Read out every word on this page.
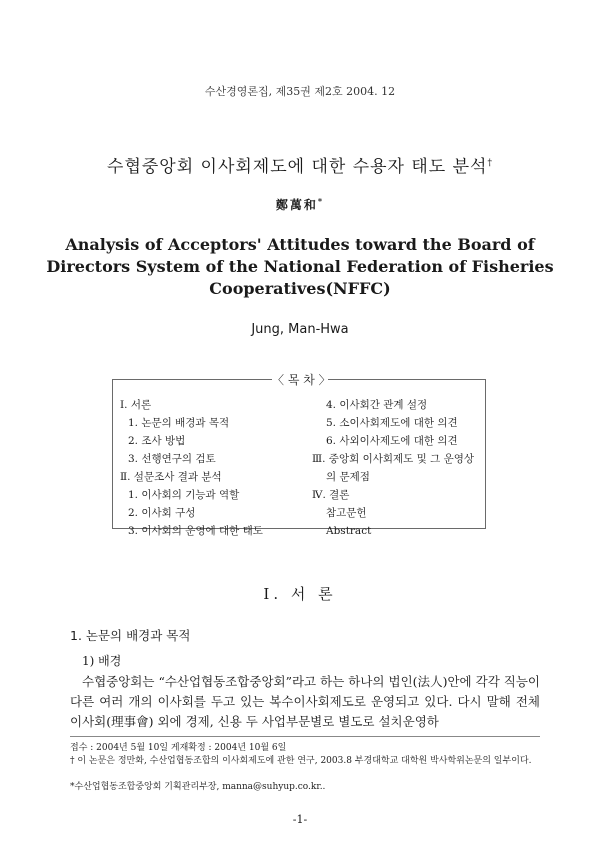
수산경영론집, 제35권 제2호 2004. 12
수협중앙회 이사회제도에 대한 수용자 태도 분석†
鄭萬和*
Analysis of Acceptors' Attitudes toward the Board of Directors System of the National Federation of Fisheries Cooperatives(NFFC)
Jung, Man-Hwa
〈 목 차 〉
Ⅰ. 서론
1. 논문의 배경과 목적
2. 조사 방법
3. 선행연구의 검토
Ⅱ. 설문조사 결과 분석
1. 이사회의 기능과 역할
2. 이사회 구성
3. 이사회의 운영에 대한 태도
4. 이사회간 관계 설정
5. 소이사회제도에 대한 의견
6. 사외이사제도에 대한 의견
Ⅲ. 중앙회 이사회제도 및 그 운영상
의 문제점
Ⅳ. 결론
참고문헌
Abstract
Ⅰ. 서 론
1. 논문의 배경과 목적
1) 배경

수협중앙회는 “수산업협동조합중앙회”라고 하는 하나의 법인(法人)안에 각각 직능이 다른 여러 개의 이사회를 두고 있는 복수이사회제도로 운영되고 있다. 다시 말해 전체이사회(理事會) 외에 경제, 신용 두 사업부문별로 별도로 설치운영하

접수 : 2004년 5월 10일 게재확정 : 2004년 10월 6일
† 이 논문은 정만화, 수산업협동조합의 이사회제도에 관한 연구, 2003.8 부경대학교 대학원 박사학위논문의 일부이다.
*수산업협동조합중앙회 기획관리부장, manna@suhyup.co.kr..
-1-
